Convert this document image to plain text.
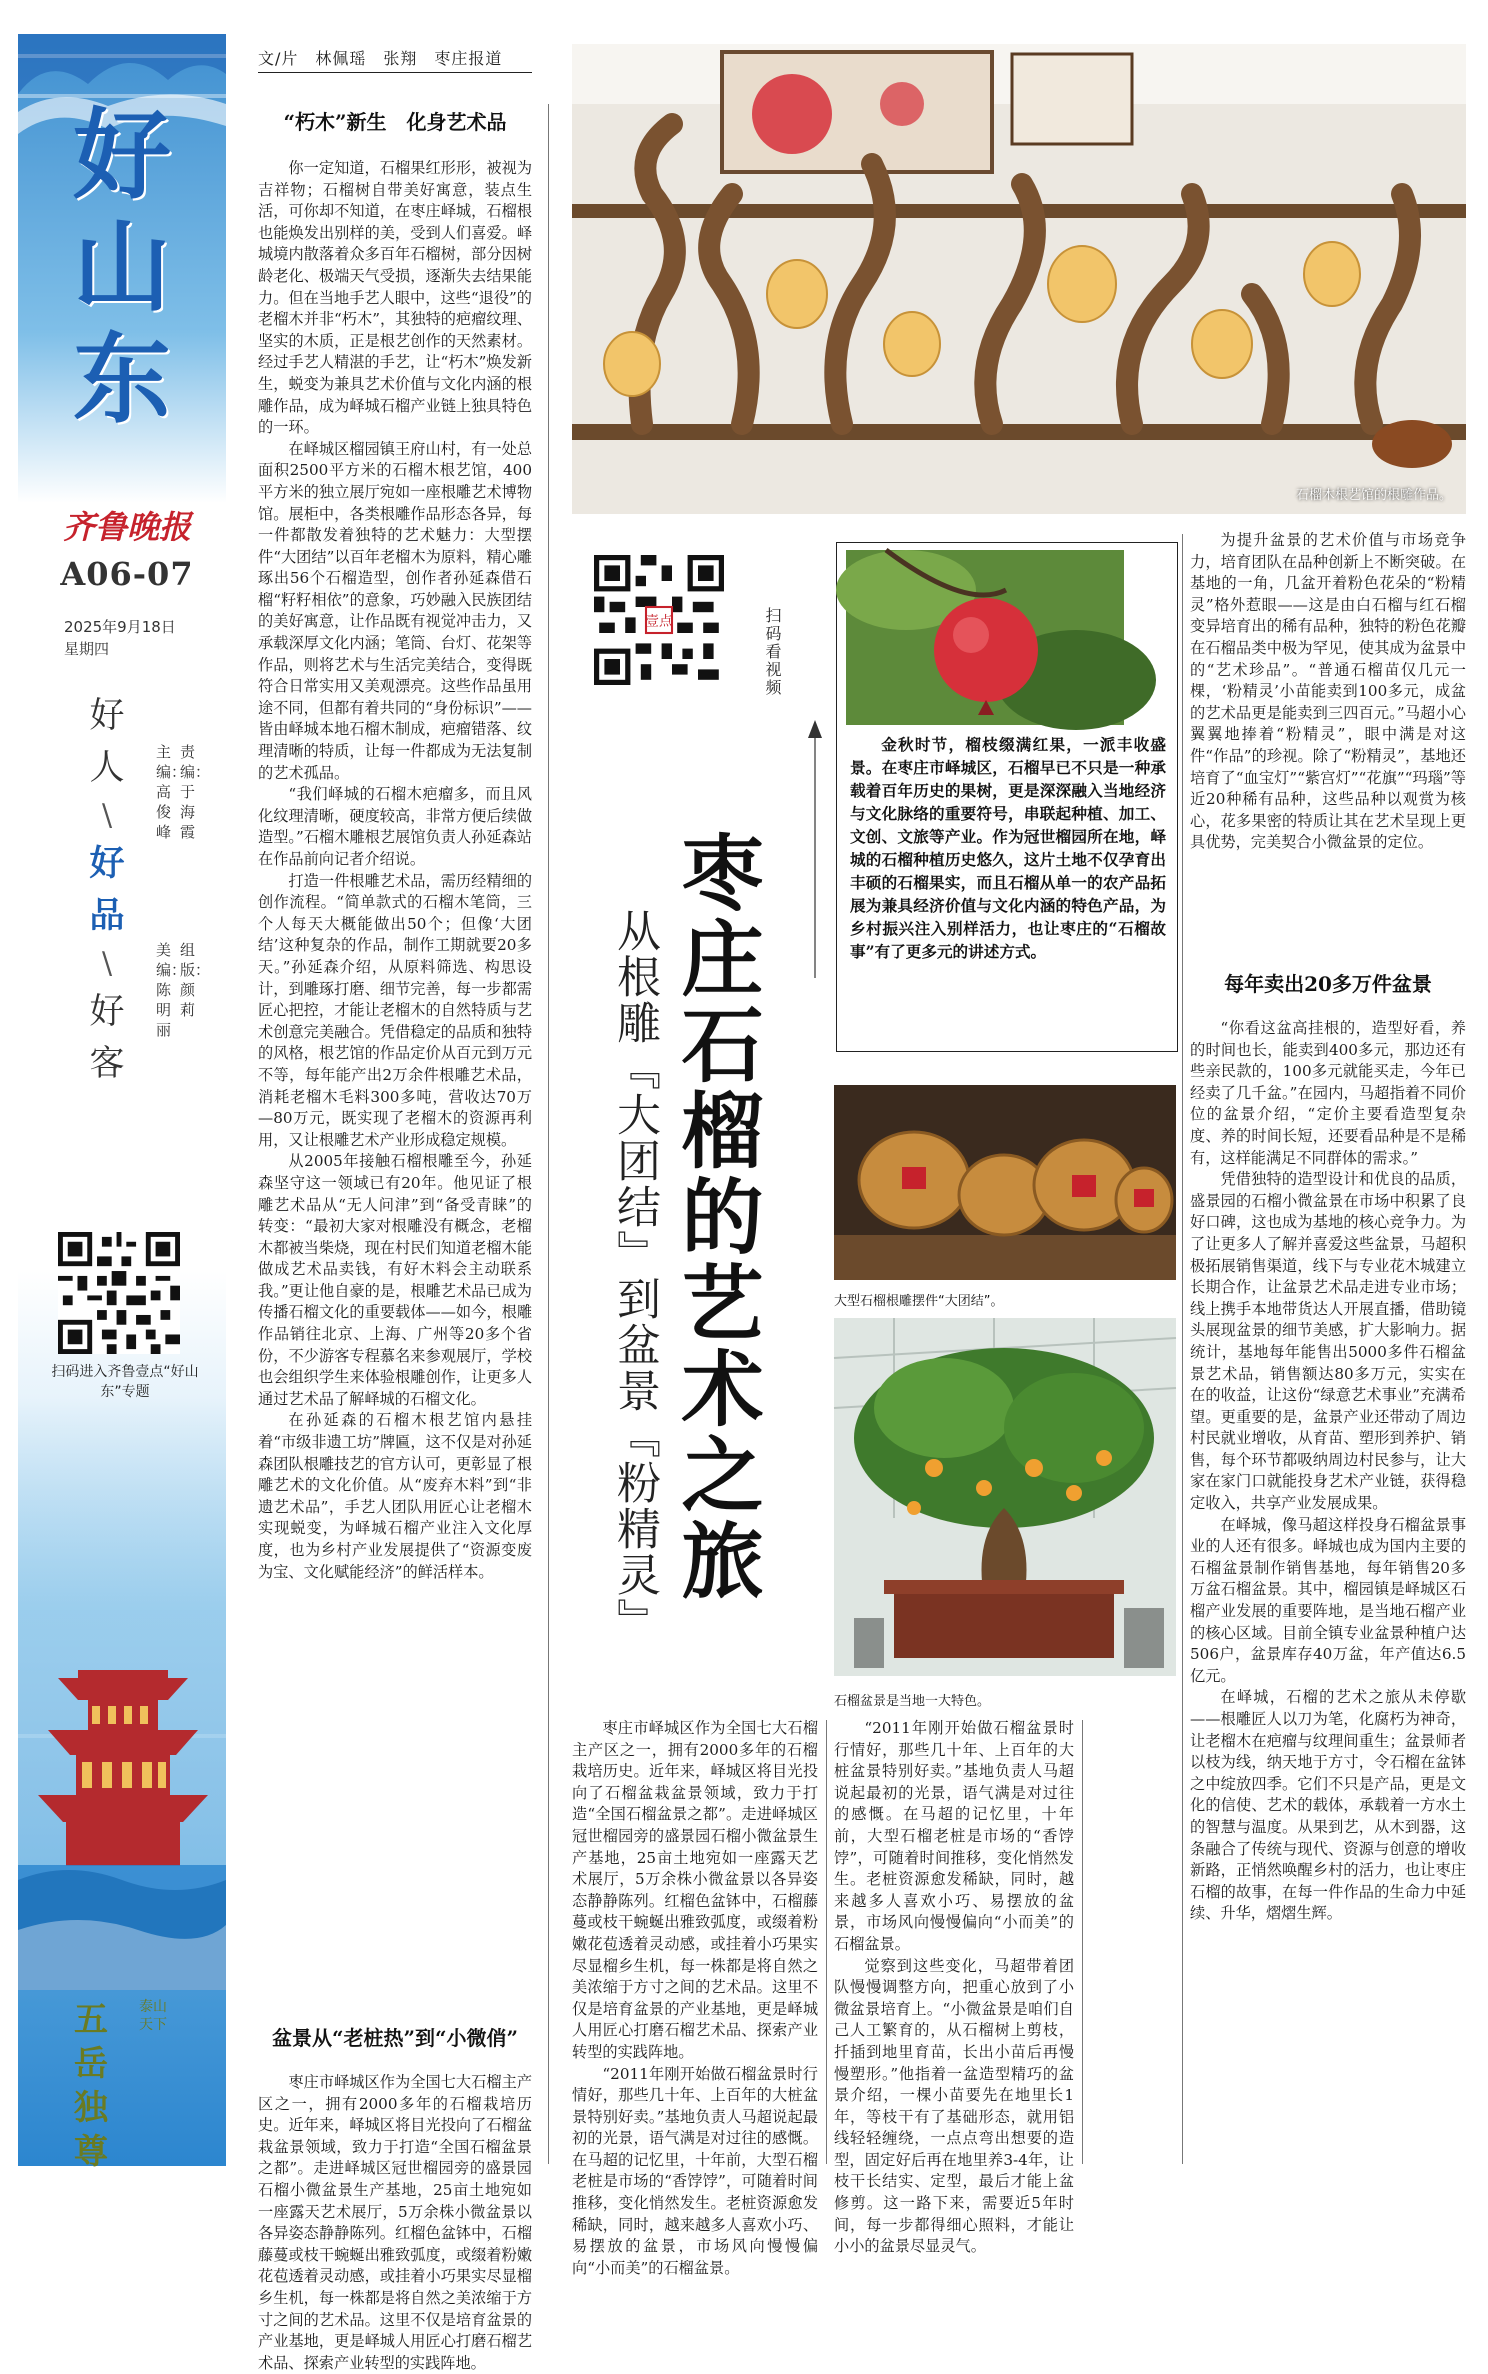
好山东
齐鲁晚报
A06-07
2025年9月18日
星期四
好
人
\
好
品
\
好
客
主编：高俊峰
责编：于海霞
美编：陈明丽
组版：颜莉
扫码进入齐鲁壹点“好山东”专题
五岳独尊
泰山天下
文/片　林佩瑶　张翔　枣庄报道
“朽木”新生　化身艺术品

你一定知道，石榴果红形形，被视为吉祥物；石榴树自带美好寓意，装点生活，可你却不知道，在枣庄峄城，石榴根也能焕发出别样的美，受到人们喜爱。峄城境内散落着众多百年石榴树，部分因树龄老化、极端天气受损，逐渐失去结果能力。但在当地手艺人眼中，这些“退役”的老榴木并非“朽木”，其独特的疤瘤纹理、坚实的木质，正是根艺创作的天然素材。经过手艺人精湛的手艺，让“朽木”焕发新生，蜕变为兼具艺术价值与文化内涵的根雕作品，成为峄城石榴产业链上独具特色的一环。

在峄城区榴园镇王府山村，有一处总面积2500平方米的石榴木根艺馆，400平方米的独立展厅宛如一座根雕艺术博物馆。展柜中，各类根雕作品形态各异，每一件都散发着独特的艺术魅力：大型摆件“大团结”以百年老榴木为原料，精心雕琢出56个石榴造型，创作者孙延森借石榴“籽籽相依”的意象，巧妙融入民族团结的美好寓意，让作品既有视觉冲击力，又承载深厚文化内涵；笔筒、台灯、花架等作品，则将艺术与生活完美结合，变得既符合日常实用又美观漂亮。这些作品虽用途不同，但都有着共同的“身份标识”——皆由峄城本地石榴木制成，疤瘤错落、纹理清晰的特质，让每一件都成为无法复制的艺术孤品。

“我们峄城的石榴木疤瘤多，而且风化纹理清晰，硬度较高，非常方便后续做造型。”石榴木雕根艺展馆负责人孙延森站在作品前向记者介绍说。

打造一件根雕艺术品，需历经精细的创作流程。“简单款式的石榴木笔筒，三个人每天大概能做出50个；但像‘大团结’这种复杂的作品，制作工期就要20多天。”孙延森介绍，从原料筛选、构思设计，到雕琢打磨、细节完善，每一步都需匠心把控，才能让老榴木的自然特质与艺术创意完美融合。凭借稳定的品质和独特的风格，根艺馆的作品定价从百元到万元不等，每年能产出2万余件根雕艺术品，消耗老榴木毛料300多吨，营收达70万—80万元，既实现了老榴木的资源再利用，又让根雕艺术产业形成稳定规模。

从2005年接触石榴根雕至今，孙延森坚守这一领域已有20年。他见证了根雕艺术品从“无人问津”到“备受青睐”的转变：“最初大家对根雕没有概念，老榴木都被当柴烧，现在村民们知道老榴木能做成艺术品卖钱，有好木料会主动联系我。”更让他自豪的是，根雕艺术品已成为传播石榴文化的重要载体——如今，根雕作品销往北京、上海、广州等20多个省份，不少游客专程慕名来参观展厅，学校也会组织学生来体验根雕创作，让更多人通过艺术品了解峄城的石榴文化。

在孙延森的石榴木根艺馆内悬挂着“市级非遗工坊”牌匾，这不仅是对孙延森团队根雕技艺的官方认可，更彰显了根雕艺术的文化价值。从“废弃木料”到“非遗艺术品”，手艺人团队用匠心让老榴木实现蜕变，为峄城石榴产业注入文化厚度，也为乡村产业发展提供了“资源变废为宝、文化赋能经济”的鲜活样本。

盆景从“老桩热”到“小微俏”

枣庄市峄城区作为全国七大石榴主产区之一，拥有2000多年的石榴栽培历史。近年来，峄城区将目光投向了石榴盆栽盆景领域，致力于打造“全国石榴盆景之都”。走进峄城区冠世榴园旁的盛景园石榴小微盆景生产基地，25亩土地宛如一座露天艺术展厅，5万余株小微盆景以各异姿态静静陈列。红榴色盆钵中，石榴藤蔓或枝干蜿蜒出雅致弧度，或缀着粉嫩花苞透着灵动感，或挂着小巧果实尽显榴乡生机，每一株都是将自然之美浓缩于方寸之间的艺术品。这里不仅是培育盆景的产业基地，更是峄城人用匠心打磨石榴艺术品、探索产业转型的实践阵地。

石榴木根艺馆的根雕作品。
壹点	扫码看视频
枣庄石榴的艺术之旅
从根雕『大团结』到盆景『粉精灵』

金秋时节，榴枝缀满红果，一派丰收盛景。在枣庄市峄城区，石榴早已不只是一种承载着百年历史的果树，更是深深融入当地经济与文化脉络的重要符号，串联起种植、加工、文创、文旅等产业。作为冠世榴园所在地，峄城的石榴种植历史悠久，这片土地不仅孕育出丰硕的石榴果实，而且石榴从单一的农产品拓展为兼具经济价值与文化内涵的特色产品，为乡村振兴注入别样活力，也让枣庄的“石榴故事”有了更多元的讲述方式。

大型石榴根雕摆件“大团结”。
石榴盆景是当地一大特色。

枣庄市峄城区作为全国七大石榴主产区之一，拥有2000多年的石榴栽培历史。近年来，峄城区将目光投向了石榴盆栽盆景领域，致力于打造“全国石榴盆景之都”。走进峄城区冠世榴园旁的盛景园石榴小微盆景生产基地，25亩土地宛如一座露天艺术展厅，5万余株小微盆景以各异姿态静静陈列。红榴色盆钵中，石榴藤蔓或枝干蜿蜒出雅致弧度，或缀着粉嫩花苞透着灵动感，或挂着小巧果实尽显榴乡生机，每一株都是将自然之美浓缩于方寸之间的艺术品。这里不仅是培育盆景的产业基地，更是峄城人用匠心打磨石榴艺术品、探索产业转型的实践阵地。

“2011年刚开始做石榴盆景时行情好，那些几十年、上百年的大桩盆景特别好卖。”基地负责人马超说起最初的光景，语气满是对过往的感慨。在马超的记忆里，十年前，大型石榴老桩是市场的“香饽饽”，可随着时间推移，变化悄然发生。老桩资源愈发稀缺，同时，越来越多人喜欢小巧、易摆放的盆景，市场风向慢慢偏向“小而美”的石榴盆景。

“2011年刚开始做石榴盆景时行情好，那些几十年、上百年的大桩盆景特别好卖。”基地负责人马超说起最初的光景，语气满是对过往的感慨。在马超的记忆里，十年前，大型石榴老桩是市场的“香饽饽”，可随着时间推移，变化悄然发生。老桩资源愈发稀缺，同时，越来越多人喜欢小巧、易摆放的盆景，市场风向慢慢偏向“小而美”的石榴盆景。

觉察到这些变化，马超带着团队慢慢调整方向，把重心放到了小微盆景培育上。“小微盆景是咱们自己人工繁育的，从石榴树上剪枝，扦插到地里育苗，长出小苗后再慢慢塑形。”他指着一盆造型精巧的盆景介绍，一棵小苗要先在地里长1年，等枝干有了基础形态，就用铝线轻轻缠绕，一点点弯出想要的造型，固定好后再在地里养3-4年，让枝干长结实、定型，最后才能上盆修剪。这一路下来，需要近5年时间，每一步都得细心照料，才能让小小的盆景尽显灵气。

为提升盆景的艺术价值与市场竞争力，培育团队在品种创新上不断突破。在基地的一角，几盆开着粉色花朵的“粉精灵”格外惹眼——这是由白石榴与红石榴变异培育出的稀有品种，独特的粉色花瓣在石榴品类中极为罕见，使其成为盆景中的“艺术珍品”。“普通石榴苗仅几元一棵，‘粉精灵’小苗能卖到100多元，成盆的艺术品更是能卖到三四百元。”马超小心翼翼地捧着“粉精灵”，眼中满是对这件“作品”的珍视。除了“粉精灵”，基地还培育了“血宝灯”“紫宫灯”“花旗”“玛瑙”等近20种稀有品种，这些品种以观赏为核心，花多果密的特质让其在艺术呈现上更具优势，完美契合小微盆景的定位。

每年卖出20多万件盆景

“你看这盆高挂根的，造型好看，养的时间也长，能卖到400多元，那边还有些亲民款的，100多元就能买走，今年已经卖了几千盆。”在园内，马超指着不同价位的盆景介绍，“定价主要看造型复杂度、养的时间长短，还要看品种是不是稀有，这样能满足不同群体的需求。”

凭借独特的造型设计和优良的品质，盛景园的石榴小微盆景在市场中积累了良好口碑，这也成为基地的核心竞争力。为了让更多人了解并喜爱这些盆景，马超积极拓展销售渠道，线下与专业花木城建立长期合作，让盆景艺术品走进专业市场；线上携手本地带货达人开展直播，借助镜头展现盆景的细节美感，扩大影响力。据统计，基地每年能售出5000多件石榴盆景艺术品，销售额达80多万元，实实在在的收益，让这份“绿意艺术事业”充满希望。更重要的是，盆景产业还带动了周边村民就业增收，从育苗、塑形到养护、销售，每个环节都吸纳周边村民参与，让大家在家门口就能投身艺术产业链，获得稳定收入，共享产业发展成果。

在峄城，像马超这样投身石榴盆景事业的人还有很多。峄城也成为国内主要的石榴盆景制作销售基地，每年销售20多万盆石榴盆景。其中，榴园镇是峄城区石榴产业发展的重要阵地，是当地石榴产业的核心区域。目前全镇专业盆景种植户达506户，盆景库存40万盆，年产值达6.5亿元。

在峄城，石榴的艺术之旅从未停歇——根雕匠人以刀为笔，化腐朽为神奇，让老榴木在疤瘤与纹理间重生；盆景师者以枝为线，纳天地于方寸，令石榴在盆钵之中绽放四季。它们不只是产品，更是文化的信使、艺术的载体，承载着一方水土的智慧与温度。从果到艺，从木到器，这条融合了传统与现代、资源与创意的增收新路，正悄然唤醒乡村的活力，也让枣庄石榴的故事，在每一件作品的生命力中延续、升华，熠熠生辉。
